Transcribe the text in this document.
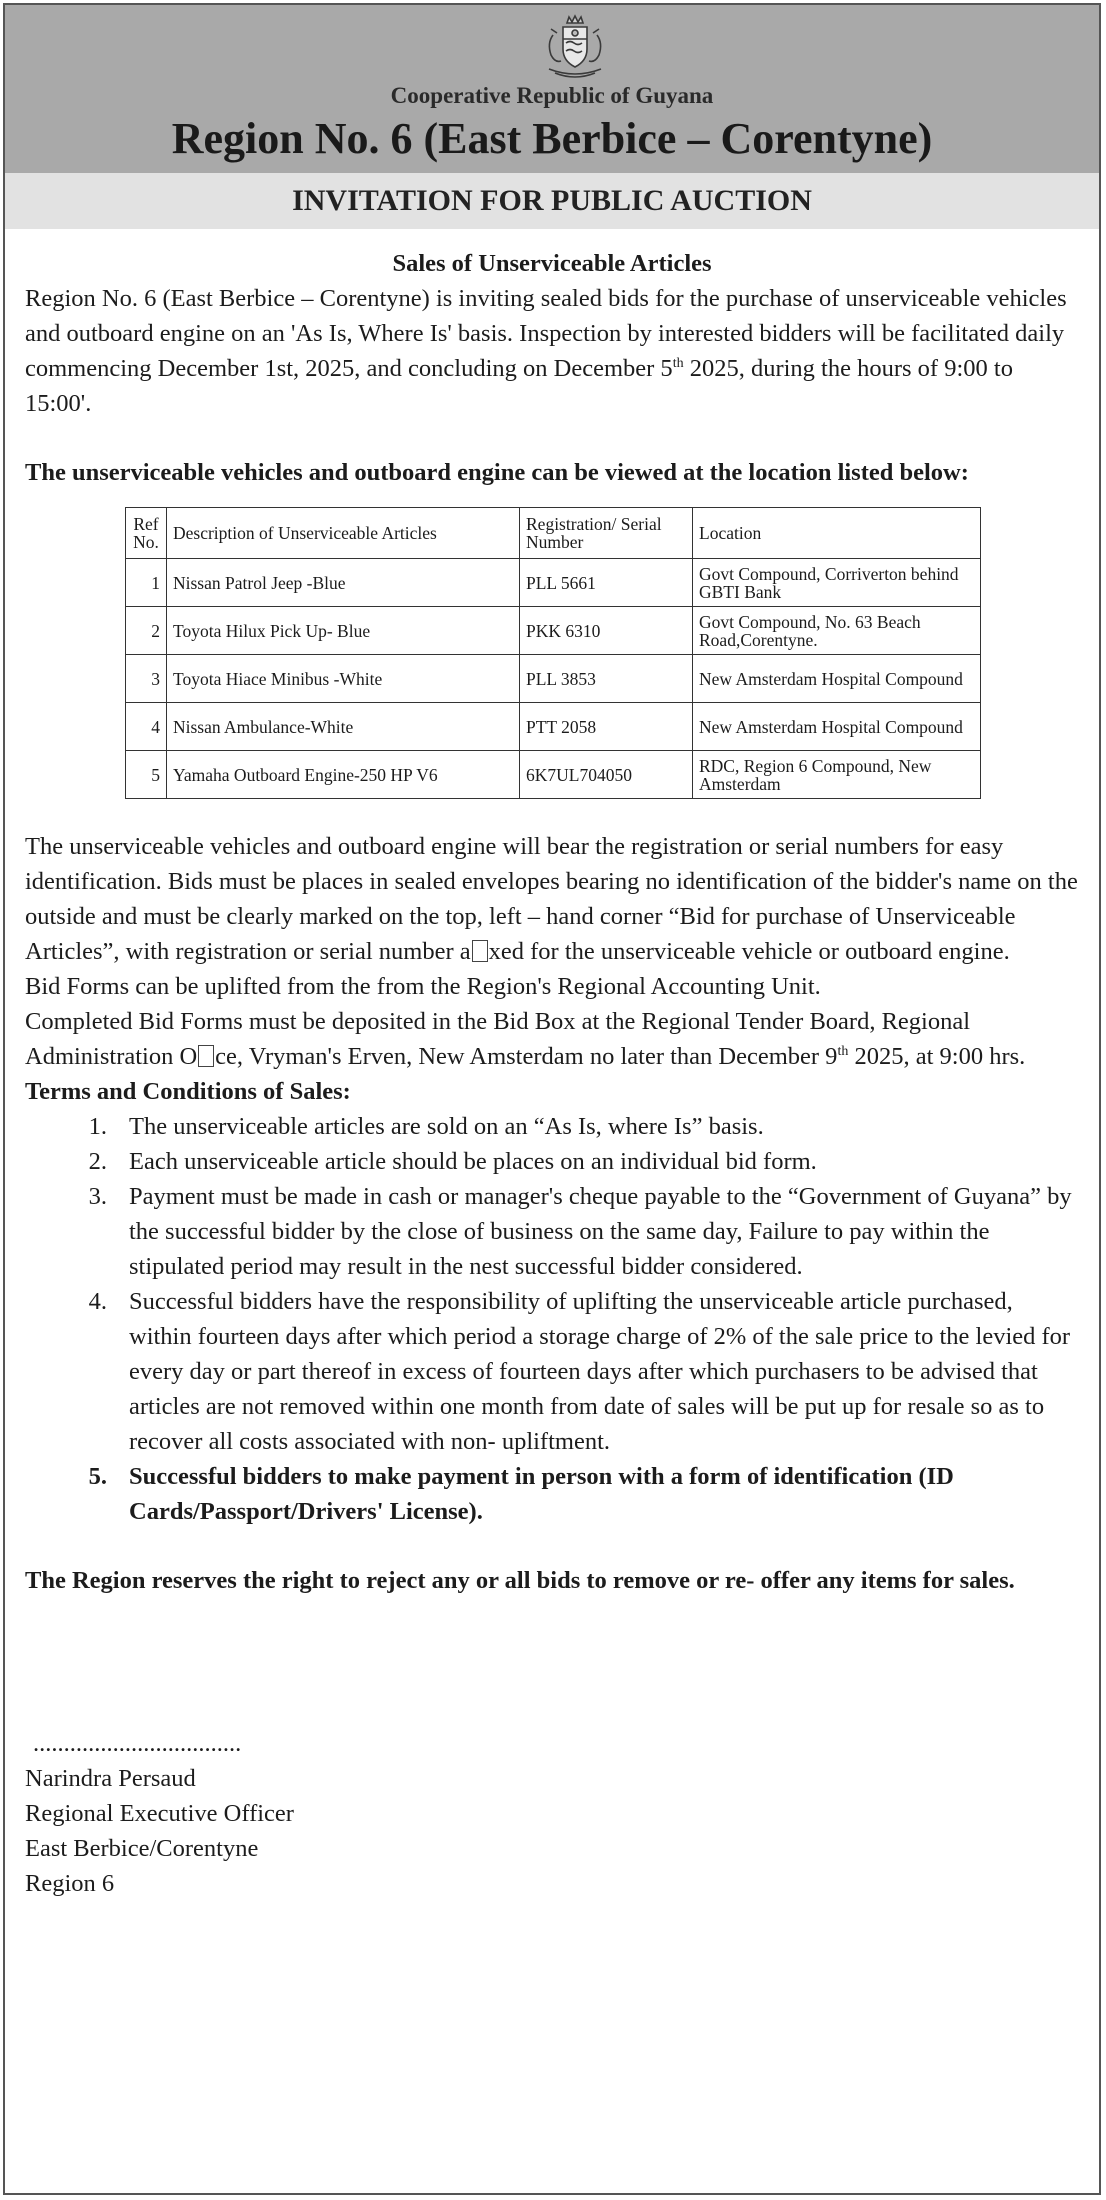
Cooperative Republic of Guyana
Region No. 6 (East Berbice – Corentyne)
INVITATION FOR PUBLIC AUCTION
Sales of Unserviceable Articles

Region No. 6 (East Berbice – Corentyne) is inviting sealed bids for the purchase of unserviceable vehicles and outboard engine on an 'As Is, Where Is' basis. Inspection by interested bidders will be facilitated daily commencing December 1st, 2025, and concluding on December 5th 2025, during the hours of 9:00 to 15:00'.

The unserviceable vehicles and outboard engine can be viewed at the location listed below:

Ref No.	Description of Unserviceable Articles	Registration/ Serial Number	Location
1	Nissan Patrol Jeep -Blue	PLL 5661	Govt Compound, Corriverton behind GBTI Bank
2	Toyota Hilux Pick Up- Blue	PKK 6310	Govt Compound, No. 63 Beach Road,Corentyne.
3	Toyota Hiace Minibus -White	PLL 3853	New Amsterdam Hospital Compound
4	Nissan Ambulance-White	PTT 2058	New Amsterdam Hospital Compound
5	Yamaha Outboard Engine-250 HP V6	6K7UL704050	RDC, Region 6 Compound, New Amsterdam

The unserviceable vehicles and outboard engine will bear the registration or serial numbers for easy identification. Bids must be places in sealed envelopes bearing no identification of the bidder's name on the outside and must be clearly marked on the top, left – hand corner “Bid for purchase of Unserviceable Articles”, with registration or serial number a xed for the unserviceable vehicle or outboard engine.

Bid Forms can be uplifted from the from the Region's Regional Accounting Unit.

Completed Bid Forms must be deposited in the Bid Box at the Regional Tender Board, Regional Administration O ce, Vryman's Erven, New Amsterdam no later than December 9th 2025, at 9:00 hrs.

Terms and Conditions of Sales:

1. The unserviceable articles are sold on an “As Is, where Is” basis.
2. Each unserviceable article should be places on an individual bid form.
3. Payment must be made in cash or manager's cheque payable to the “Government of Guyana” by the successful bidder by the close of business on the same day, Failure to pay within the stipulated period may result in the nest successful bidder considered.
4. Successful bidders have the responsibility of uplifting the unserviceable article purchased, within fourteen days after which period a storage charge of 2% of the sale price to the levied for every day or part thereof in excess of fourteen days after which purchasers to be advised that articles are not removed within one month from date of sales will be put up for resale so as to recover all costs associated with non- upliftment.
5. Successful bidders to make payment in person with a form of identification (ID Cards/Passport/Drivers' License).

The Region reserves the right to reject any or all bids to remove or re- offer any items for sales.

..................................

Narindra Persaud

Regional Executive Officer

East Berbice/Corentyne

Region 6
